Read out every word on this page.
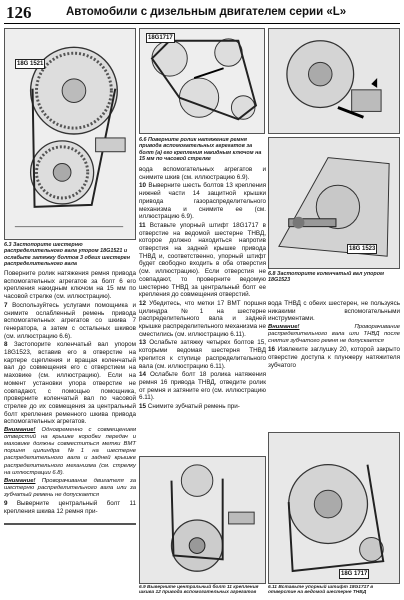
126	Автомобили с дизельным двигателем серии «L»
18G 1521
18G1717
18G 1523
18G 1717
6.3 Застопорите шестерню распределительного вала упором 18G1521 и ослабьте затяжку болтов 3 обеих шестерен распределительного вала
6.6 Поверните ролик натяжения ремня привода вспомогательных агрегатов за болт (а) его крепления накидным ключом на 15 мм по часовой стрелке
6.8 Застопорите коленчатый вал упором 18G1523
6.9 Выверните центральный болт 11 крепления шкива 12 привода вспомогательных агрегатов
6.11 Вставьте упорный штифт 18G1717 в отверстие на ведомой шестерне ТНВД

Поверните ролик натяжения ремня привода вспомогательных агрегатов за болт 6 его крепления накидным ключом на 15 мм по часовой стрелке (см. иллюстрацию).

7 Воспользуйтесь услугами помощника и снимите ослабленный ремень привода вспомогательных агрегатов со шкива 7 генератора, а затем с остальных шкивов (см. иллюстрацию 6.6).

8 Застопорите коленчатый вал упором 18G1523, вставив его в отверстие на картере сцепления и вращая коленчатый вал до совмещения его с отверстием на маховике (см. иллюстрацию). Если на момент установки упора отверстие не совпадают, с помощью помощника, проверните коленчатый вал по часовой стрелке до их совмещения за центральный болт крепления ременного шкива привода вспомогательных агрегатов.

Внимание! Одновременно с совмещением отверстий на крышке коробки передач и маховике должны совместиться метки ВМТ поршня цилиндра №1 на шестерне распределительного вала и задней крышке распределительного механизма (см. стрелку на иллюстрации 6.8).

Внимание! Проворачивание двигателя за шестерню распределительного вала или за зубчатый ремень не допускается

9 Выверните центральный болт 11 крепления шкива 12 ремня при-

вода вспомогательных агрегатов и снимите шкив (см. иллюстрацию 6.9).

10 Выверните шесть болтов 13 крепления нижней части 14 защитной крышки привода газораспределительного механизма и снимите ее (см. иллюстрацию 6.9).

11 Вставьте упорный штифт 18G1717 в отверстие на ведомой шестерне ТНВД, которое должно находиться напротив отверстия на задней крышке привода ТНВД и, соответственно, упорный штифт будет свободно входить в оба отверстия (см. иллюстрацию). Если отверстия не совпадают, то проверните ведомую шестерню ТНВД за центральный болт ее крепления до совмещения отверстий.

12 Убедитесь, что метки 17 ВМТ поршня цилиндра №1 на шестерне распределительного вала и задней крышке распределительного механизма не сместились (см. иллюстрацию 6.11).

13 Ослабьте затяжку четырех болтов 15, которыми ведомая шестерня ТНВД крепится к ступице распределительного вала (см. иллюстрацию 6.11).

14 Ослабьте болт 18 ролика натяжения ремня 16 привода ТНВД, отведите ролик от ремня и затяните его (см. иллюстрацию 6.11).

15 Снимите зубчатый ремень при-

вода ТНВД с обеих шестерен, не пользуясь никакими вспомогательными инструментами.

Внимание!	Проворачивание распределительного вала или ТНВД после снятия зубчатого ремня не допускается

16 Извлеките заглушку 20, которой закрыто отверстие доступа к плунжеру натяжителя зубчатого
